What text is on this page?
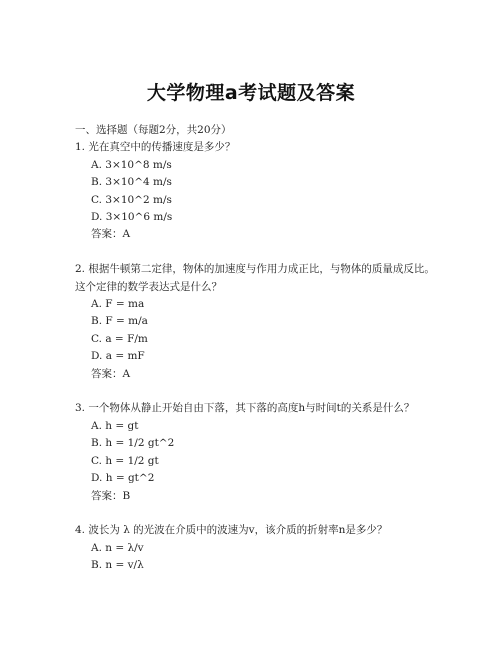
大学物理a考试题及答案

一、选择题（每题2分，共20分）

1. 光在真空中的传播速度是多少？

A. 3×10^8 m/s

B. 3×10^4 m/s

C. 3×10^2 m/s

D. 3×10^6 m/s

答案：A

2. 根据牛顿第二定律，物体的加速度与作用力成正比，与物体的质量成反比。这个定律的数学表达式是什么？

A. F = ma

B. F = m/a

C. a = F/m

D. a = mF

答案：A

3. 一个物体从静止开始自由下落，其下落的高度h与时间t的关系是什么？

A. h = gt

B. h = 1/2 gt^2

C. h = 1/2 gt

D. h = gt^2

答案：B

4. 波长为 λ 的光波在介质中的波速为v，该介质的折射率n是多少？

A. n = λ/v

B. n = v/λ
